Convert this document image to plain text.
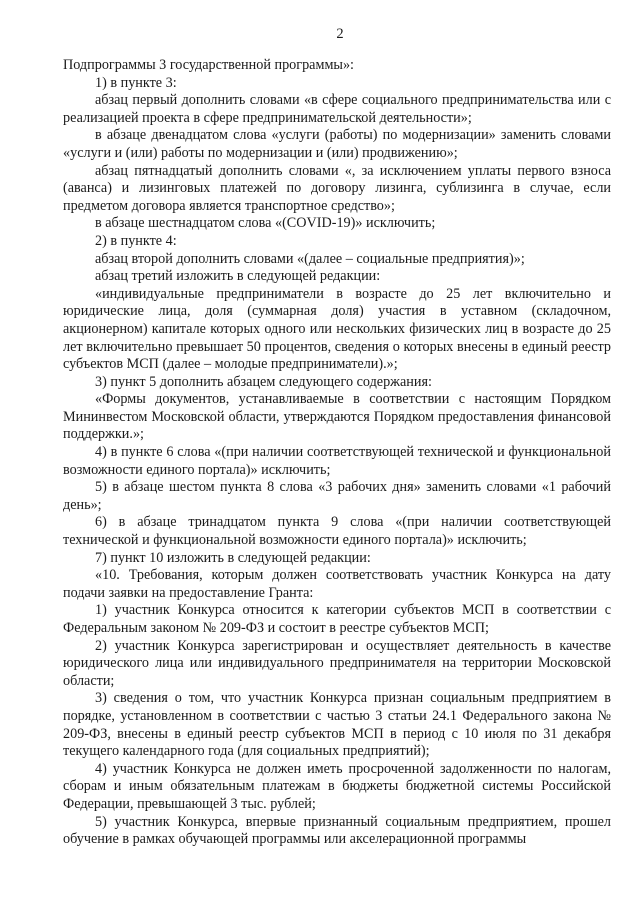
2

Подпрограммы 3 государственной программы»:

1) в пункте 3:

абзац первый дополнить словами «в сфере социального предпринимательства или с реализацией проекта в сфере предпринимательской деятельности»;

в абзаце двенадцатом слова «услуги (работы) по модернизации» заменить словами «услуги и (или) работы по модернизации и (или) продвижению»;

абзац пятнадцатый дополнить словами «, за исключением уплаты первого взноса (аванса) и лизинговых платежей по договору лизинга, сублизинга в случае, если предметом договора является транспортное средство»;

в абзаце шестнадцатом слова «(COVID-19)» исключить;

2) в пункте 4:

абзац второй дополнить словами «(далее – социальные предприятия)»;

абзац третий изложить в следующей редакции:

«индивидуальные предприниматели в возрасте до 25 лет включительно и юридические лица, доля (суммарная доля) участия в уставном (складочном, акционерном) капитале которых одного или нескольких физических лиц в возрасте до 25 лет включительно превышает 50 процентов, сведения о которых внесены в единый реестр субъектов МСП (далее – молодые предприниматели).»;

3) пункт 5 дополнить абзацем следующего содержания:

«Формы документов, устанавливаемые в соответствии с настоящим Порядком Mининвестом Московской области, утверждаются Порядком предоставления финансовой поддержки.»;

4) в пункте 6 слова «(при наличии соответствующей технической и функциональной возможности единого портала)» исключить;

5) в абзаце шестом пункта 8 слова «3 рабочих дня» заменить словами «1 рабочий день»;

6) в абзаце тринадцатом пункта 9 слова «(при наличии соответствующей технической и функциональной возможности единого портала)» исключить;

7) пункт 10 изложить в следующей редакции:

«10. Требования, которым должен соответствовать участник Конкурса на дату подачи заявки на предоставление Гранта:

1) участник Конкурса относится к категории субъектов МСП в соответствии с Федеральным законом № 209-ФЗ и состоит в реестре субъектов МСП;

2) участник Конкурса зарегистрирован и осуществляет деятельность в качестве юридического лица или индивидуального предпринимателя на территории Московской области;

3) сведения о том, что участник Конкурса признан социальным предприятием в порядке, установленном в соответствии с частью 3 статьи 24.1 Федерального закона № 209-ФЗ, внесены в единый реестр субъектов МСП в период с 10 июля по 31 декабря текущего календарного года (для социальных предприятий);

4) участник Конкурса не должен иметь просроченной задолженности по налогам, сборам и иным обязательным платежам в бюджеты бюджетной системы Российской Федерации, превышающей 3 тыс. рублей;

5) участник Конкурса, впервые признанный социальным предприятием, прошел обучение в рамках обучающей программы или акселерационной программы
